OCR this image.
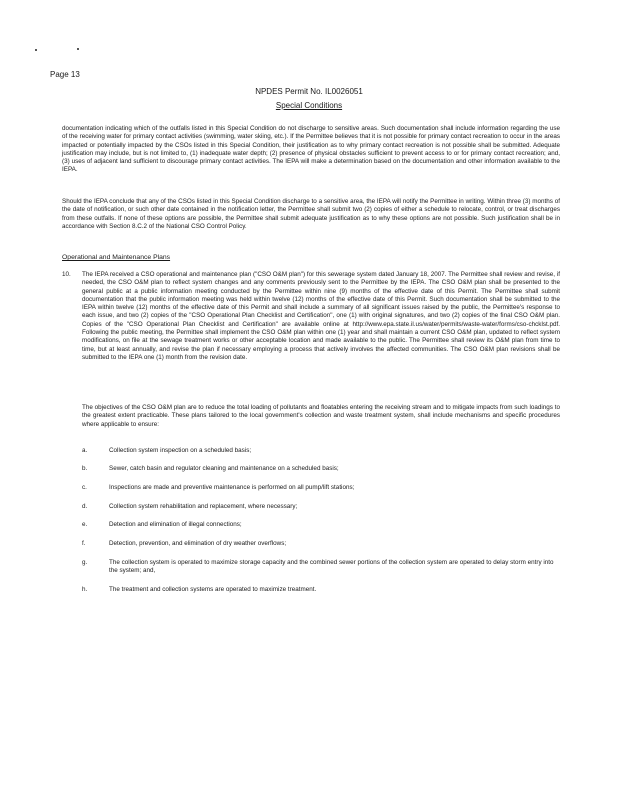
Page 13
NPDES Permit No. IL0026051
Special Conditions

documentation indicating which of the outfalls listed in this Special Condition do not discharge to sensitive areas. Such documentation shall include information regarding the use of the receiving water for primary contact activities (swimming, water skiing, etc.). If the Permittee believes that it is not possible for primary contact recreation to occur in the areas impacted or potentially impacted by the CSOs listed in this Special Condition, their justification as to why primary contact recreation is not possible shall be submitted. Adequate justification may include, but is not limited to, (1) inadequate water depth; (2) presence of physical obstacles sufficient to prevent access to or for primary contact recreation; and, (3) uses of adjacent land sufficient to discourage primary contact activities. The IEPA will make a determination based on the documentation and other information available to the IEPA.

Should the IEPA conclude that any of the CSOs listed in this Special Condition discharge to a sensitive area, the IEPA will notify the Permittee in writing. Within three (3) months of the date of notification, or such other date contained in the notification letter, the Permittee shall submit two (2) copies of either a schedule to relocate, control, or treat discharges from these outfalls. If none of these options are possible, the Permittee shall submit adequate justification as to why these options are not possible. Such justification shall be in accordance with Section 8.C.2 of the National CSO Control Policy.

Operational and Maintenance Plans
10. The IEPA received a CSO operational and maintenance plan ("CSO O&M plan") for this sewerage system dated January 18, 2007. The Permittee shall review and revise, if needed, the CSO O&M plan to reflect system changes and any comments previously sent to the Permittee by the IEPA. The CSO O&M plan shall be presented to the general public at a public information meeting conducted by the Permittee within nine (9) months of the effective date of this Permit. The Permittee shall submit documentation that the public information meeting was held within twelve (12) months of the effective date of this Permit. Such documentation shall be submitted to the IEPA within twelve (12) months of the effective date of this Permit and shall include a summary of all significant issues raised by the public, the Permittee's response to each issue, and two (2) copies of the "CSO Operational Plan Checklist and Certification", one (1) with original signatures, and two (2) copies of the final CSO O&M plan. Copies of the "CSO Operational Plan Checklist and Certification" are available online at http://www.epa.state.il.us/water/permits/waste-water/forms/cso-chcklst.pdf. Following the public meeting, the Permittee shall implement the CSO O&M plan within one (1) year and shall maintain a current CSO O&M plan, updated to reflect system modifications, on file at the sewage treatment works or other acceptable location and made available to the public. The Permittee shall review its O&M plan from time to time, but at least annually, and revise the plan if necessary employing a process that actively involves the affected communities. The CSO O&M plan revisions shall be submitted to the IEPA one (1) month from the revision date.

The objectives of the CSO O&M plan are to reduce the total loading of pollutants and floatables entering the receiving stream and to mitigate impacts from such loadings to the greatest extent practicable. These plans tailored to the local government's collection and waste treatment system, shall include mechanisms and specific procedures where applicable to ensure:

a.	Collection system inspection on a scheduled basis;
b.	Sewer, catch basin and regulator cleaning and maintenance on a scheduled basis;
c.	Inspections are made and preventive maintenance is performed on all pump/lift stations;
d.	Collection system rehabilitation and replacement, where necessary;
e.	Detection and elimination of illegal connections;
f.	Detection, prevention, and elimination of dry weather overflows;
g.	The collection system is operated to maximize storage capacity and the combined sewer portions of the collection system are operated to delay storm entry into the system; and,
h.	The treatment and collection systems are operated to maximize treatment.
